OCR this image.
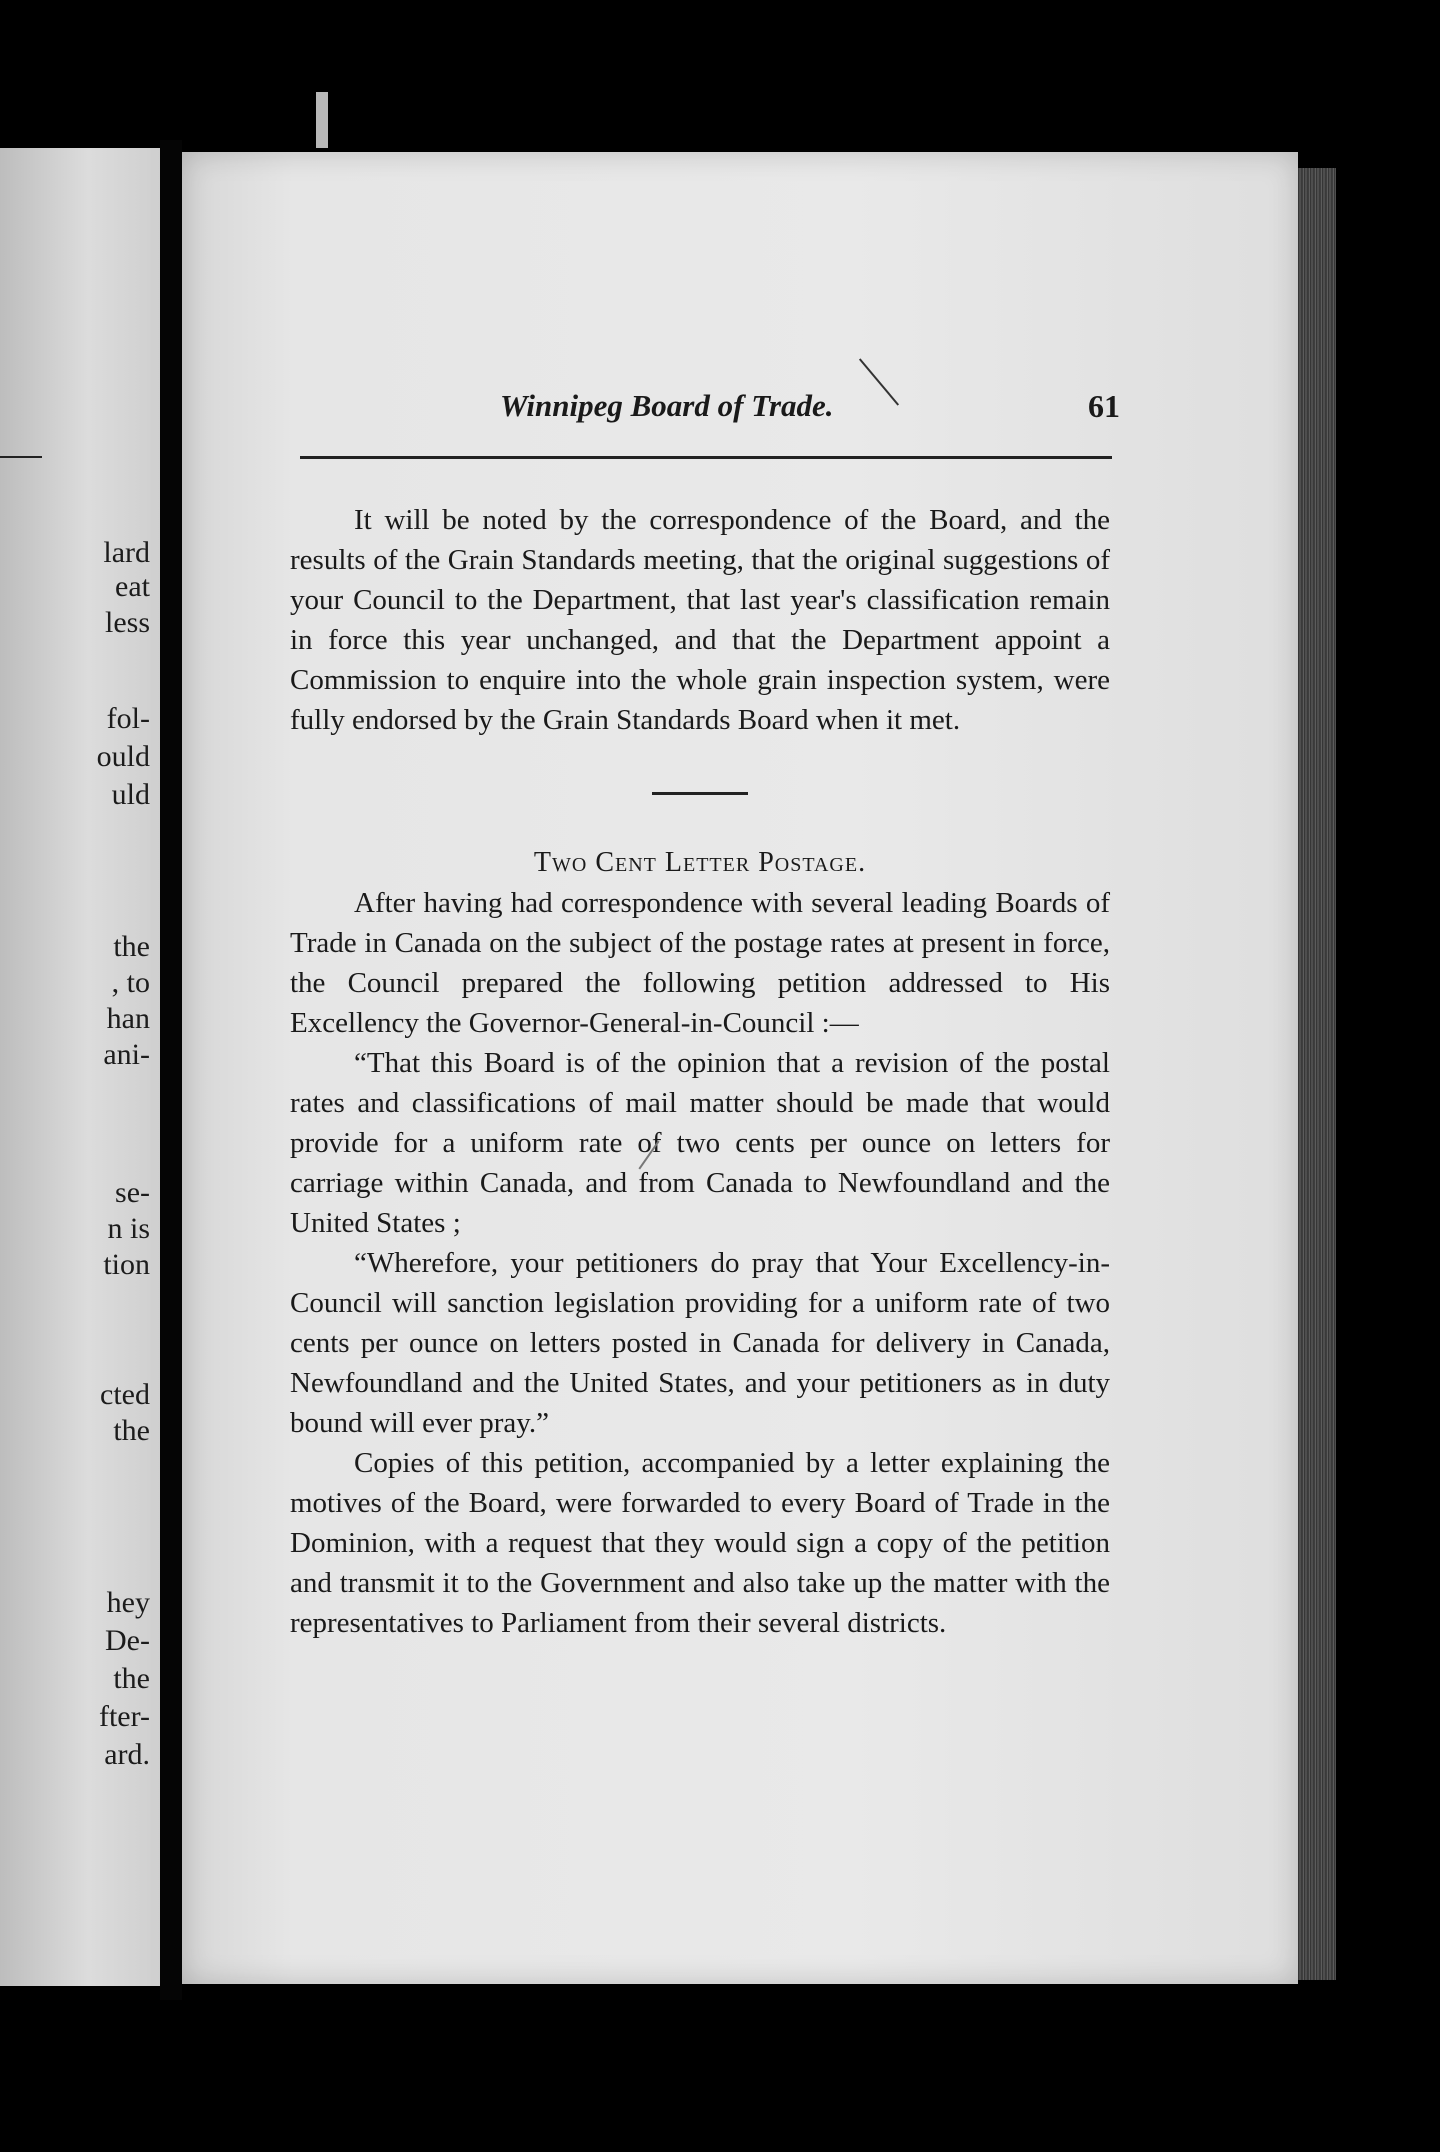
lard
eat
less
fol-
ould
uld
the
, to
han
ani-
se-
n is
tion
cted
the
hey
De-
the
fter-
ard.
Winnipeg Board of Trade.	61

It will be noted by the correspondence of the Board, and the results of the Grain Standards meeting, that the original suggestions of your Council to the Department, that last year's classification remain in force this year unchanged, and that the Department appoint a Commission to enquire into the whole grain inspection system, were fully endorsed by the Grain Standards Board when it met.

Two Cent Letter Postage.

After having had correspondence with several leading Boards of Trade in Canada on the subject of the postage rates at present in force, the Council prepared the following petition addressed to His Excellency the Governor-General-in-Council :—

“That this Board is of the opinion that a revision of the postal rates and classifications of mail matter should be made that would provide for a uniform rate of two cents per ounce on letters for carriage within Canada, and from Canada to Newfoundland and the United States ;

“Wherefore, your petitioners do pray that Your Excellency-in-Council will sanction legislation providing for a uniform rate of two cents per ounce on letters posted in Canada for delivery in Canada, Newfoundland and the United States, and your petitioners as in duty bound will ever pray.”

Copies of this petition, accompanied by a letter explaining the motives of the Board, were forwarded to every Board of Trade in the Dominion, with a request that they would sign a copy of the petition and transmit it to the Government and also take up the matter with the representatives to Parliament from their several districts.
